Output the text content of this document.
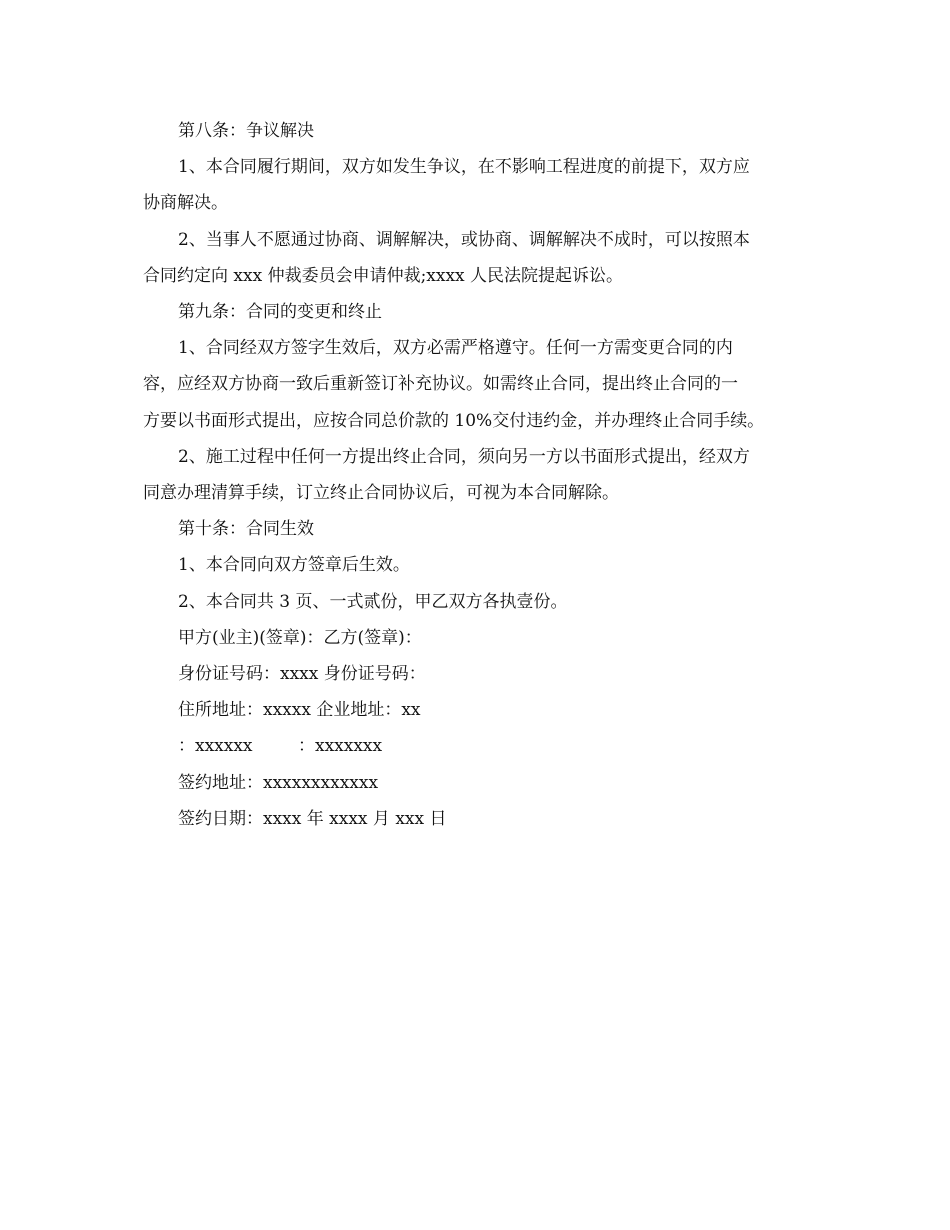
第八条：争议解决

1、本合同履行期间，双方如发生争议，在不影响工程进度的前提下，双方应

协商解决。

2、当事人不愿通过协商、调解解决，或协商、调解解决不成时，可以按照本

合同约定向 xxx 仲裁委员会申请仲裁;xxxx 人民法院提起诉讼。

第九条：合同的变更和终止

1、合同经双方签字生效后，双方必需严格遵守。任何一方需变更合同的内

容，应经双方协商一致后重新签订补充协议。如需终止合同，提出终止合同的一

方要以书面形式提出，应按合同总价款的 10%交付违约金，并办理终止合同手续。

2、施工过程中任何一方提出终止合同，须向另一方以书面形式提出，经双方

同意办理清算手续，订立终止合同协议后，可视为本合同解除。

第十条：合同生效

1、本合同向双方签章后生效。

2、本合同共 3 页、一式贰份，甲乙双方各执壹份。

甲方(业主)(签章)：乙方(签章)：

身份证号码：xxxx 身份证号码：

住所地址：xxxxx 企业地址：xx

：xxxxxx	：xxxxxxx

签约地址：xxxxxxxxxxxx

签约日期：xxxx 年 xxxx 月 xxx 日
